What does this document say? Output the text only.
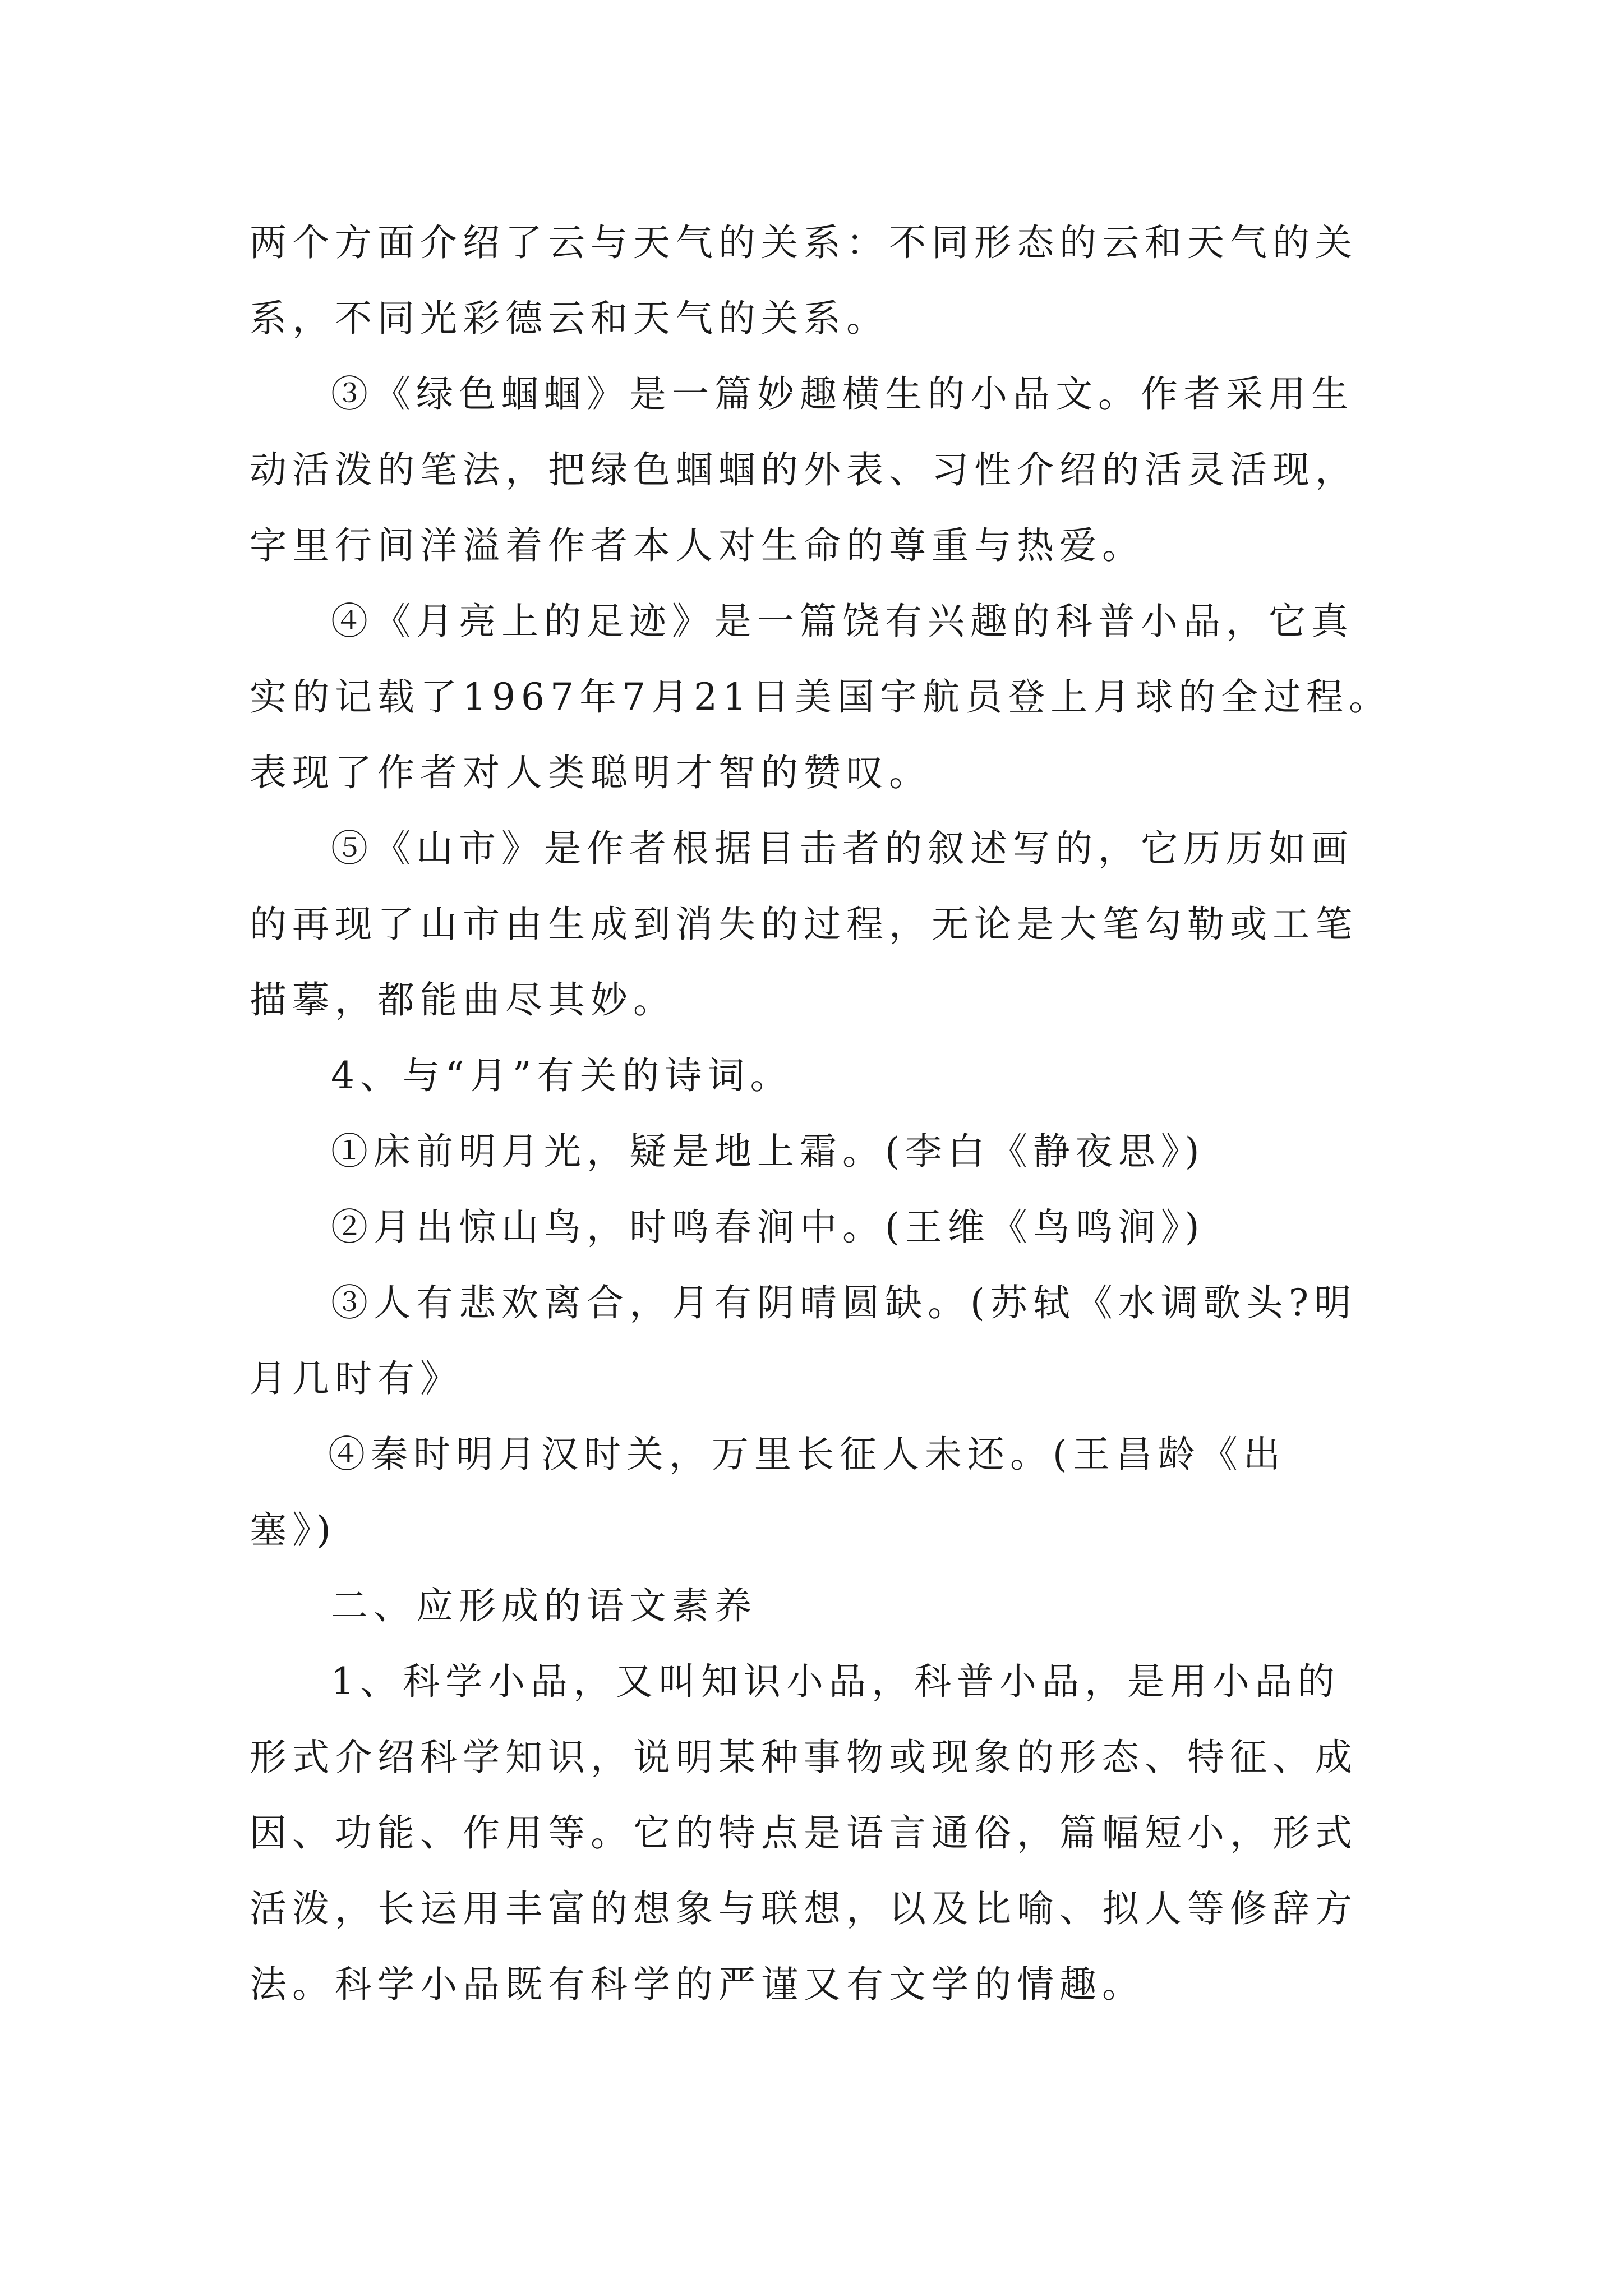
两个方面介绍了云与天气的关系：不同形态的云和天气的关
系，不同光彩德云和天气的关系。
③《绿色蝈蝈》是一篇妙趣横生的小品文。作者采用生
动活泼的笔法，把绿色蝈蝈的外表、习性介绍的活灵活现，
字里行间洋溢着作者本人对生命的尊重与热爱。
④《月亮上的足迹》是一篇饶有兴趣的科普小品，它真
实的记载了1967年7月21日美国宇航员登上月球的全过程。
表现了作者对人类聪明才智的赞叹。
⑤《山市》是作者根据目击者的叙述写的，它历历如画
的再现了山市由生成到消失的过程，无论是大笔勾勒或工笔
描摹，都能曲尽其妙。
4、与“月”有关的诗词。
①床前明月光，疑是地上霜。(李白《静夜思》)
②月出惊山鸟，时鸣春涧中。(王维《鸟鸣涧》)
③人有悲欢离合，月有阴晴圆缺。(苏轼《水调歌头?明
月几时有》
④秦时明月汉时关，万里长征人未还。(王昌龄《出
塞》)
二、应形成的语文素养
1、科学小品，又叫知识小品，科普小品，是用小品的
形式介绍科学知识，说明某种事物或现象的形态、特征、成
因、功能、作用等。它的特点是语言通俗，篇幅短小，形式
活泼，长运用丰富的想象与联想，以及比喻、拟人等修辞方
法。科学小品既有科学的严谨又有文学的情趣。
